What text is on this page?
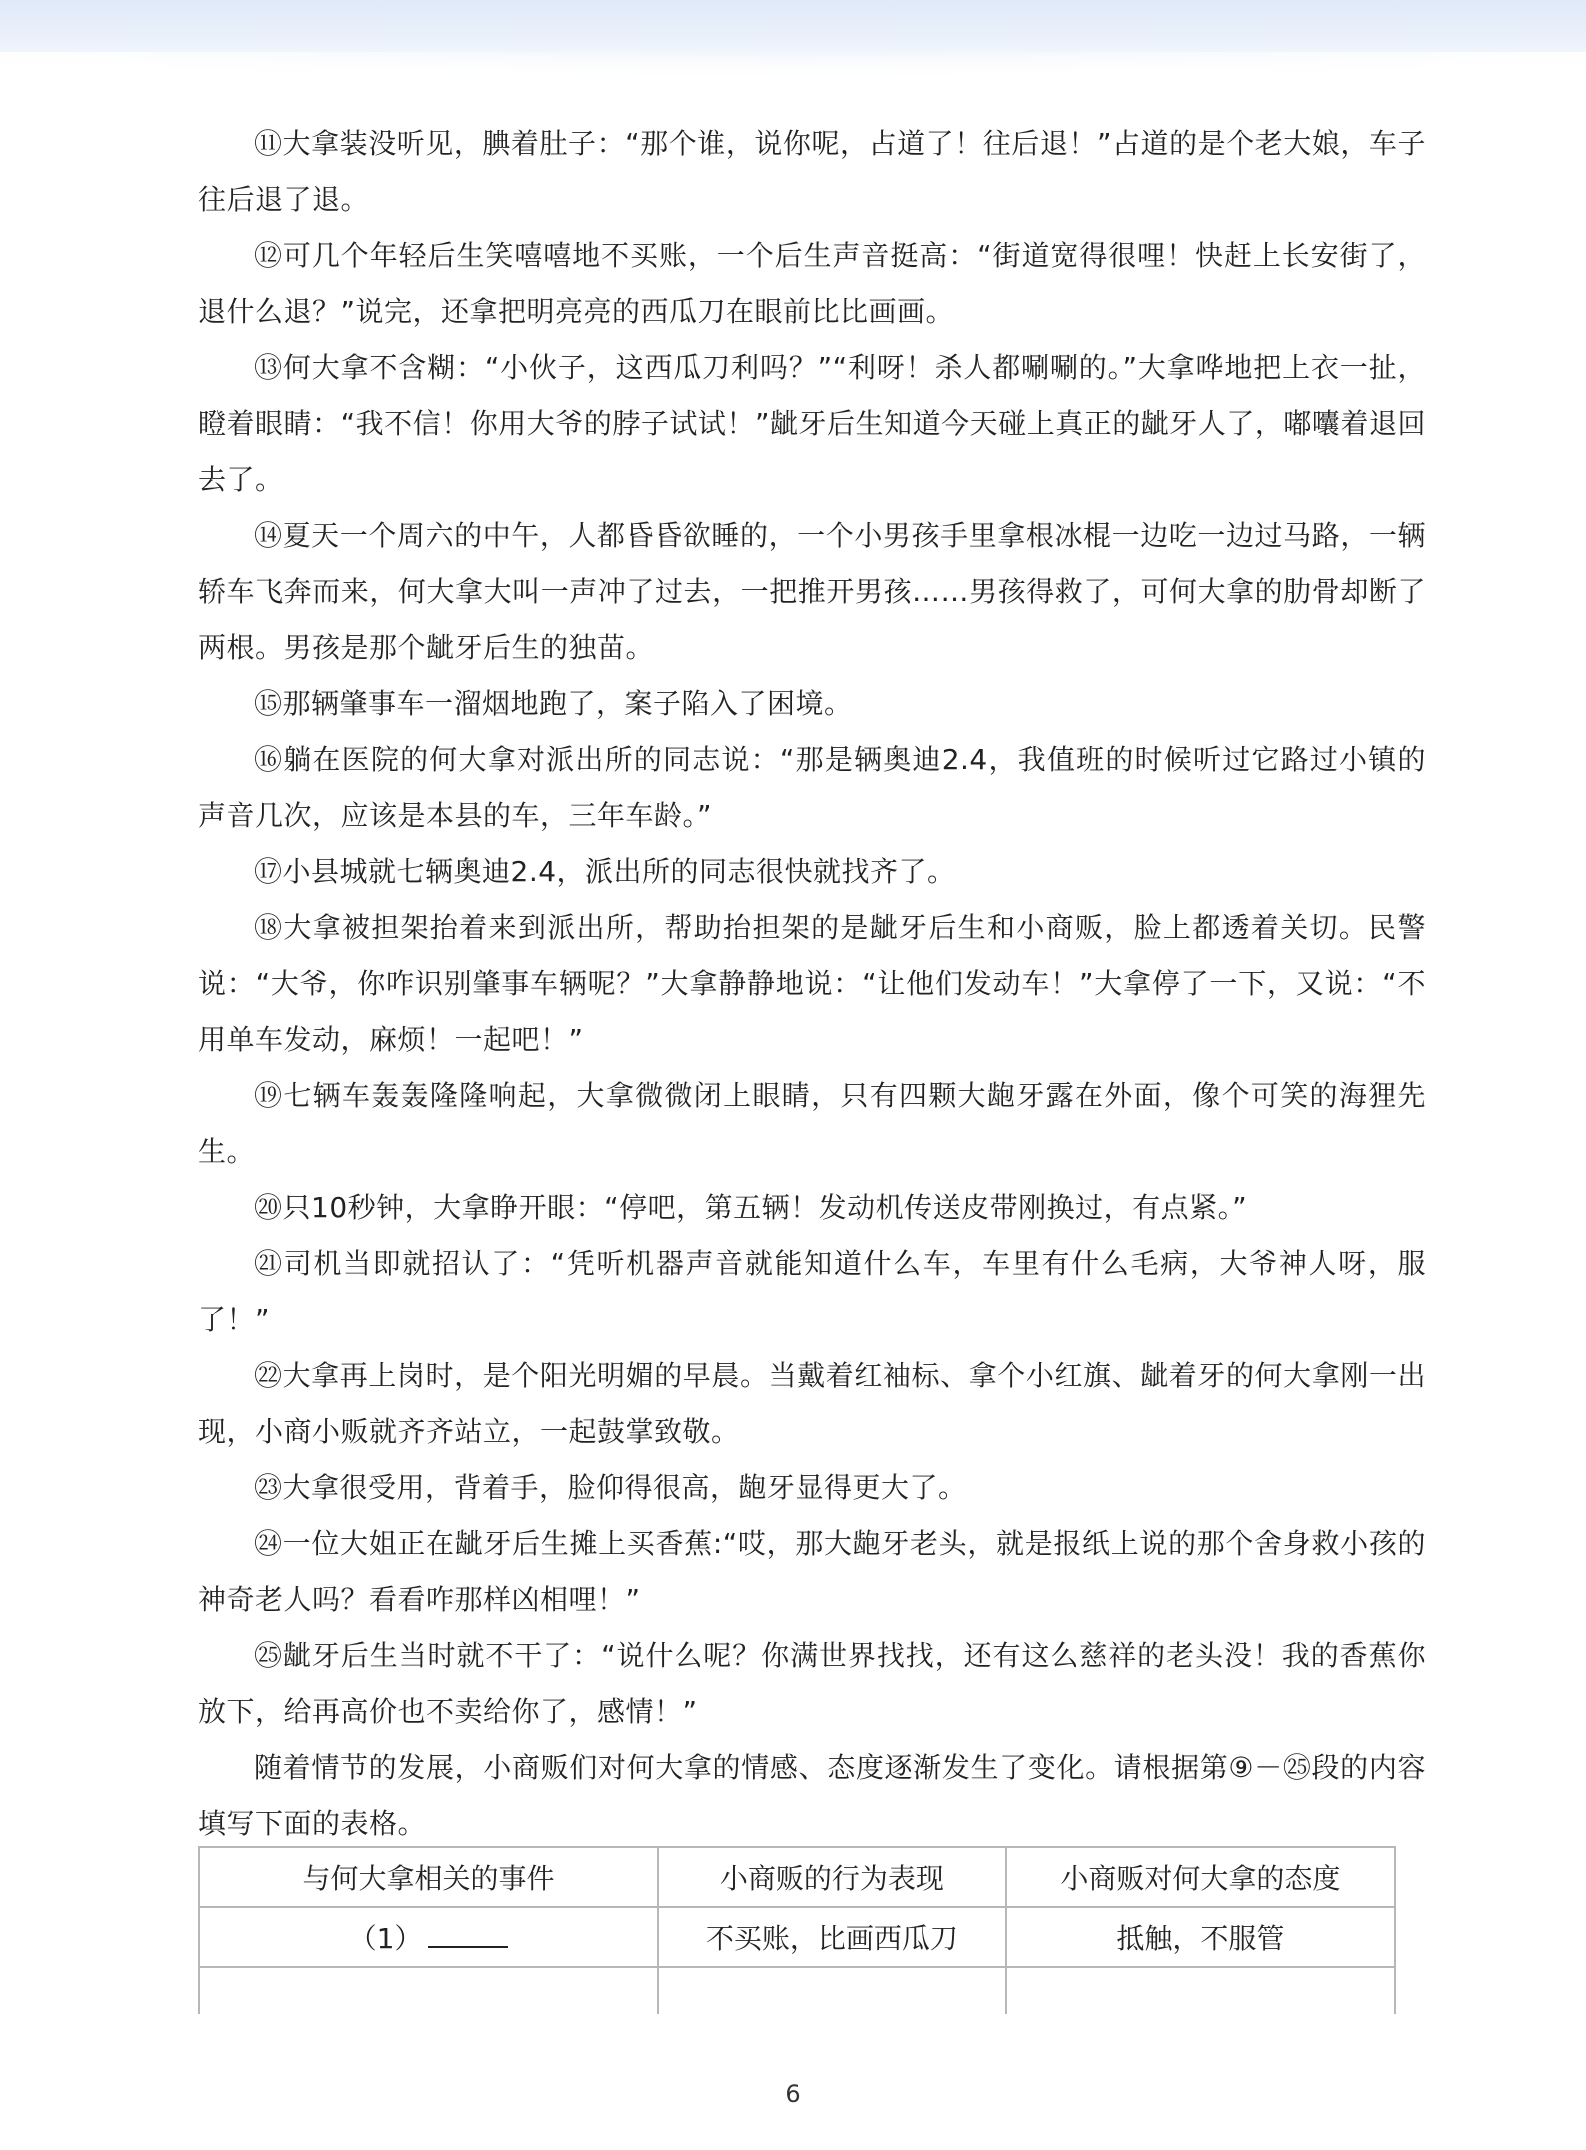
⑪大拿装没听见，腆着肚子：“那个谁，说你呢，占道了！往后退！”占道的是个老大娘，车子往后退了退。

⑫可几个年轻后生笑嘻嘻地不买账，一个后生声音挺高：“街道宽得很哩！快赶上长安街了，退什么退？”说完，还拿把明亮亮的西瓜刀在眼前比比画画。

⑬何大拿不含糊：“小伙子，这西瓜刀利吗？”“利呀！杀人都唰唰的。”大拿哗地把上衣一扯，瞪着眼睛：“我不信！你用大爷的脖子试试！”龇牙后生知道今天碰上真正的龇牙人了，嘟囔着退回去了。

⑭夏天一个周六的中午，人都昏昏欲睡的，一个小男孩手里拿根冰棍一边吃一边过马路，一辆轿车飞奔而来，何大拿大叫一声冲了过去，一把推开男孩……男孩得救了，可何大拿的肋骨却断了两根。男孩是那个龇牙后生的独苗。

⑮那辆肇事车一溜烟地跑了，案子陷入了困境。

⑯躺在医院的何大拿对派出所的同志说：“那是辆奥迪2.4，我值班的时候听过它路过小镇的声音几次，应该是本县的车，三年车龄。”

⑰小县城就七辆奥迪2.4，派出所的同志很快就找齐了。

⑱大拿被担架抬着来到派出所，帮助抬担架的是龇牙后生和小商贩，脸上都透着关切。民警说：“大爷，你咋识别肇事车辆呢？”大拿静静地说：“让他们发动车！”大拿停了一下，又说：“不用单车发动，麻烦！一起吧！”

⑲七辆车轰轰隆隆响起，大拿微微闭上眼睛，只有四颗大龅牙露在外面，像个可笑的海狸先生。

⑳只10秒钟，大拿睁开眼：“停吧，第五辆！发动机传送皮带刚换过，有点紧。”

㉑司机当即就招认了：“凭听机器声音就能知道什么车，车里有什么毛病，大爷神人呀，服了！”

㉒大拿再上岗时，是个阳光明媚的早晨。当戴着红袖标、拿个小红旗、龇着牙的何大拿刚一出现，小商小贩就齐齐站立，一起鼓掌致敬。

㉓大拿很受用，背着手，脸仰得很高，龅牙显得更大了。

㉔一位大姐正在龇牙后生摊上买香蕉:“哎，那大龅牙老头，就是报纸上说的那个舍身救小孩的神奇老人吗？看看咋那样凶相哩！”

㉕龇牙后生当时就不干了：“说什么呢？你满世界找找，还有这么慈祥的老头没！我的香蕉你放下，给再高价也不卖给你了，感情！”

随着情节的发展，小商贩们对何大拿的情感、态度逐渐发生了变化。请根据第⑨－㉕段的内容填写下面的表格。

与何大拿相关的事件	小商贩的行为表现	小商贩对何大拿的态度
（1）	不买账，比画西瓜刀	抵触，不服管

6
